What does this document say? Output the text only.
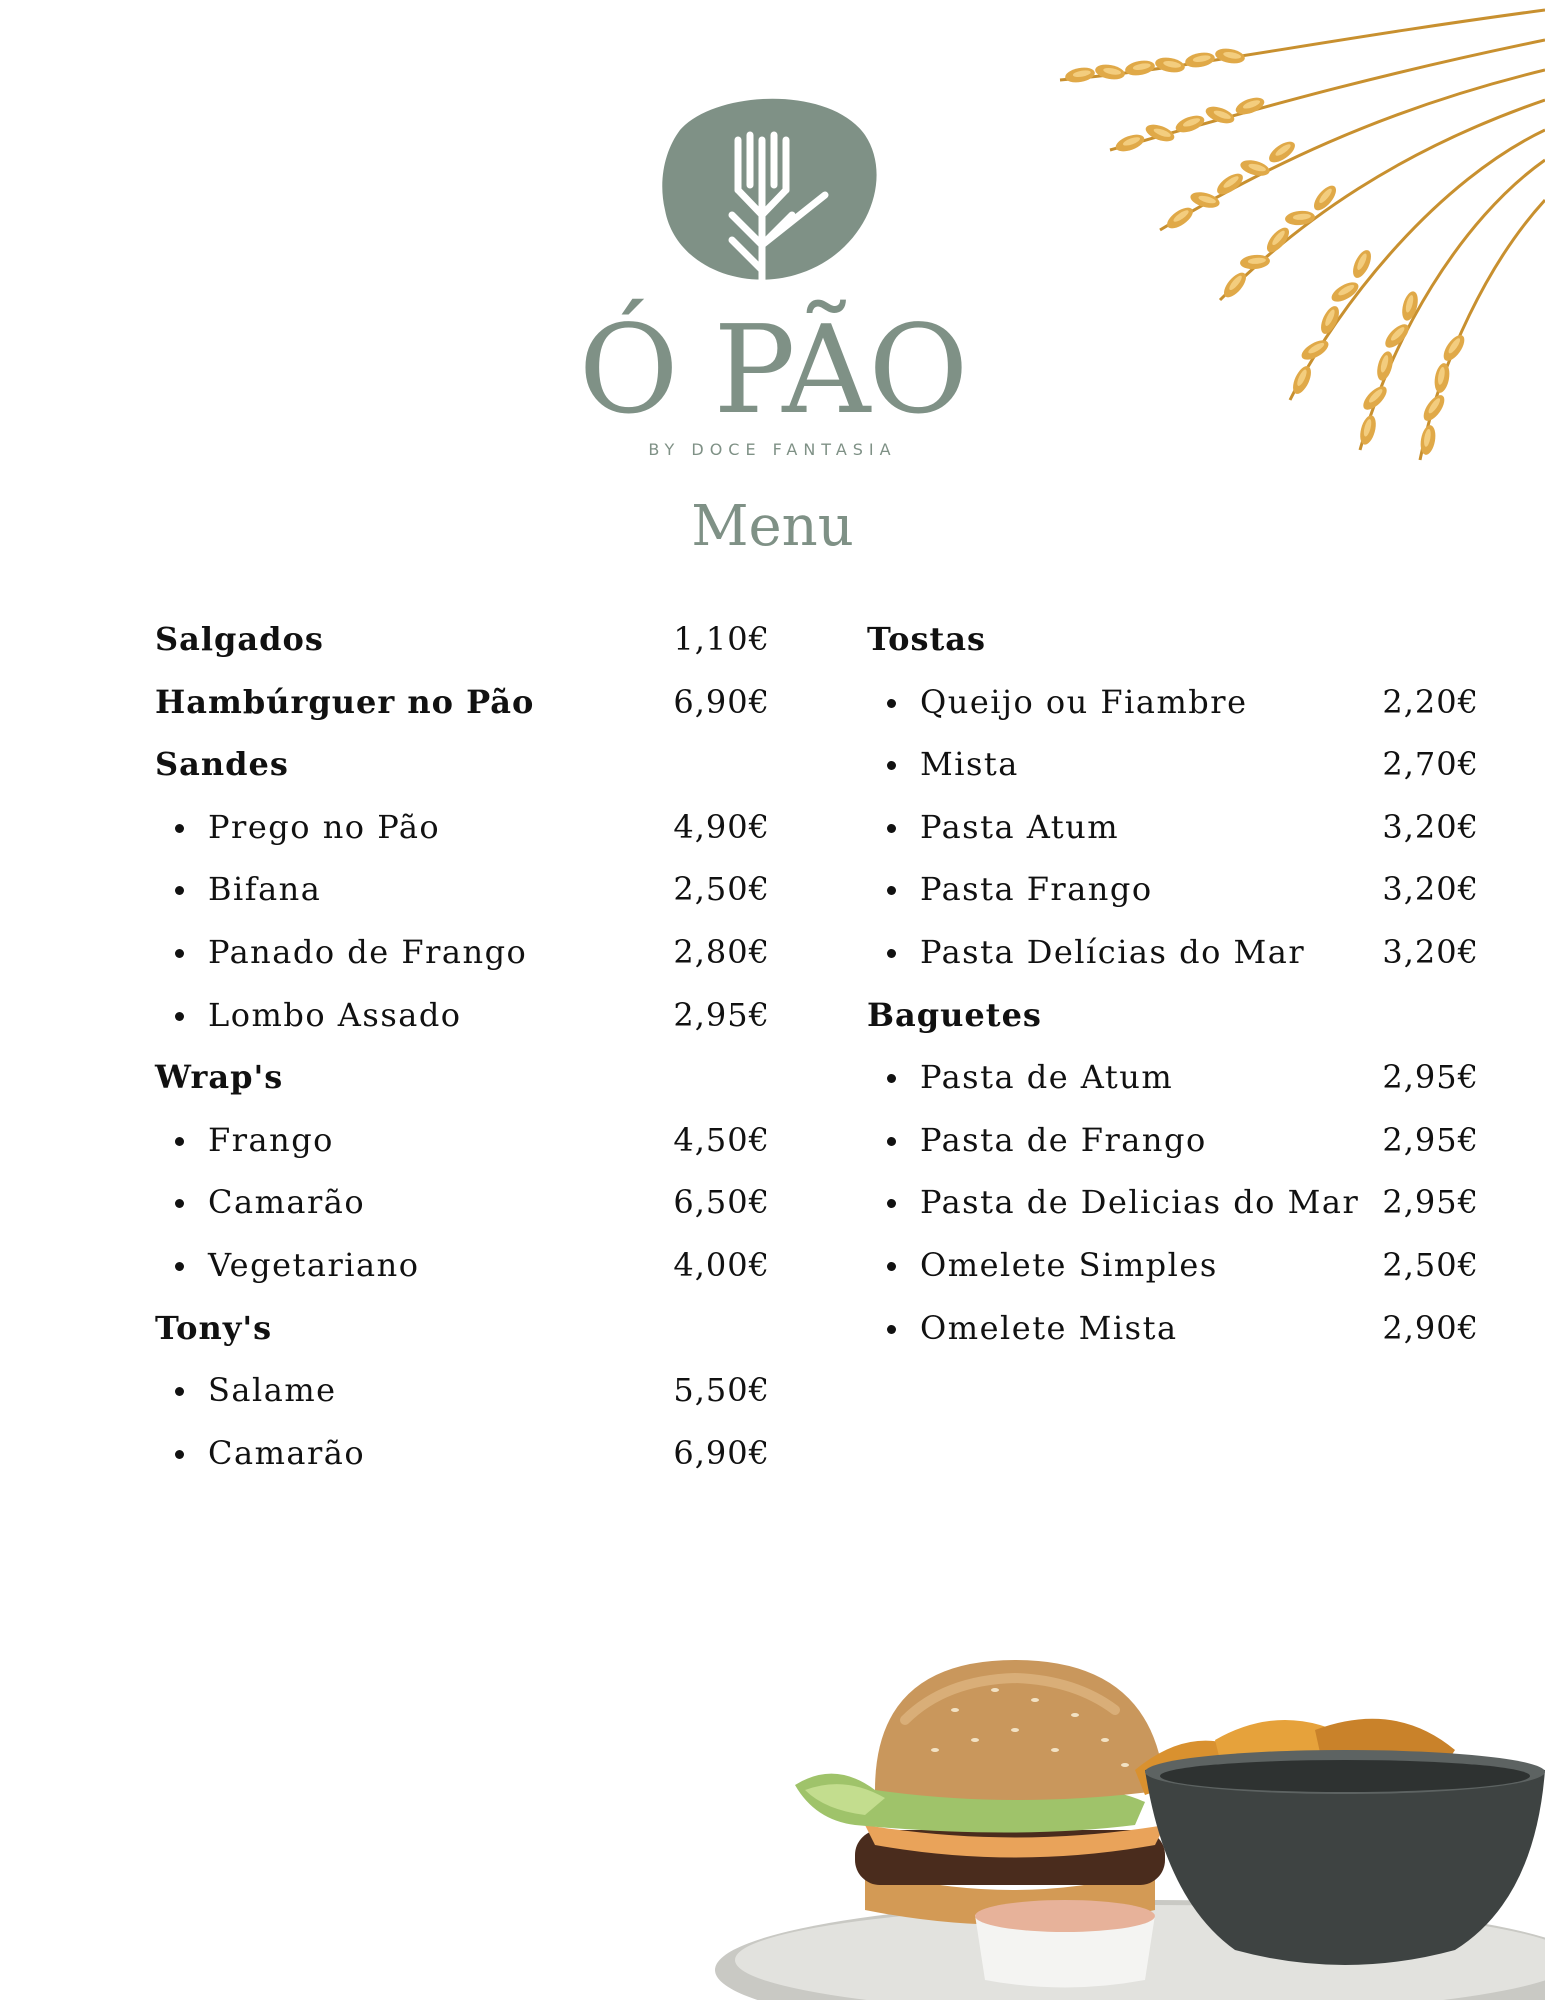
Ó PÃO
BY DOCE FANTASIA
Menu
Salgados	1,10€
Hambúrguer no Pão	6,90€
Sandes
Prego no Pão	4,90€
Bifana	2,50€
Panado de Frango	2,80€
Lombo Assado	2,95€
Wrap's
Frango	4,50€
Camarão	6,50€
Vegetariano	4,00€
Tony's
Salame	5,50€
Camarão	6,90€
Tostas
Queijo ou Fiambre	2,20€
Mista	2,70€
Pasta Atum	3,20€
Pasta Frango	3,20€
Pasta Delícias do Mar 3,20€
Baguetes
Pasta de Atum	2,95€
Pasta de Frango	2,95€
Pasta de Delicias do Mar 2,95€
Omelete Simples	2,50€
Omelete Mista	2,90€
